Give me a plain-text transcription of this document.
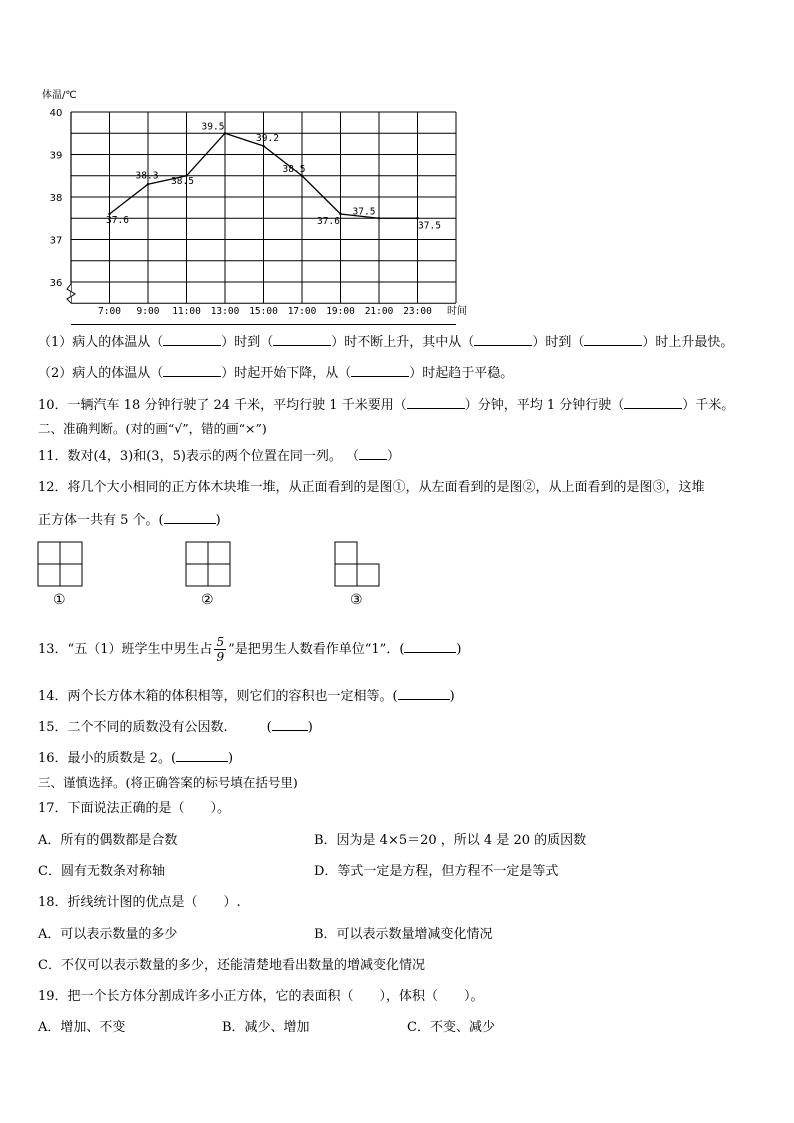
体温/℃
40
39
38
37
36
7:00 9:00 11:00 13:00 15:00 17:00 19:00 21:00 23:00 时间
37.6
38.3 38.5
39.5
39.2
38.5
37.6
37.5
37.5
（1）病人的体温从（	）时到（	）时不断上升，其中从（	）时到（	）时上升最快。
（2）病人的体温从（	）时起开始下降，从（	）时起趋于平稳。
10．一辆汽车 18 分钟行驶了 24 千米，平均行驶 1 千米要用（	）分钟，平均 1 分钟行驶（	）千米。
二、准确判断。(对的画“√”，错的画“×”)
11．数对(4，3)和(3，5)表示的两个位置在同一列。 （ ）
12．将几个大小相同的正方体木块堆一堆，从正面看到的是图①，从左面看到的是图②，从上面看到的是图③，这堆
正方体一共有 5 个。(	)
①	②	③
13．“五（1）班学生中男生占 $\frac{5}{9}$ ”是把男生人数看作单位“1”．(	)
14．两个长方体木箱的体积相等，则它们的容积也一定相等。(	)
15．二个不同的质数没有公因数.　　　(	)
16．最小的质数是 2。(	)
三、谨慎选择。(将正确答案的标号填在括号里)
17．下面说法正确的是（　　）。
A．所有的偶数都是合数	B．因为是 4×5＝20 ，所以 4 是 20 的质因数
C．圆有无数条对称轴	D．等式一定是方程，但方程不一定是等式
18．折线统计图的优点是（　　）.
A．可以表示数量的多少	B．可以表示数量增减变化情况
C．不仅可以表示数量的多少，还能清楚地看出数量的增减变化情况
19．把一个长方体分割成许多小正方体，它的表面积（　　），体积（　　）。
A．增加、不变	B．减少、增加	C．不变、减少
